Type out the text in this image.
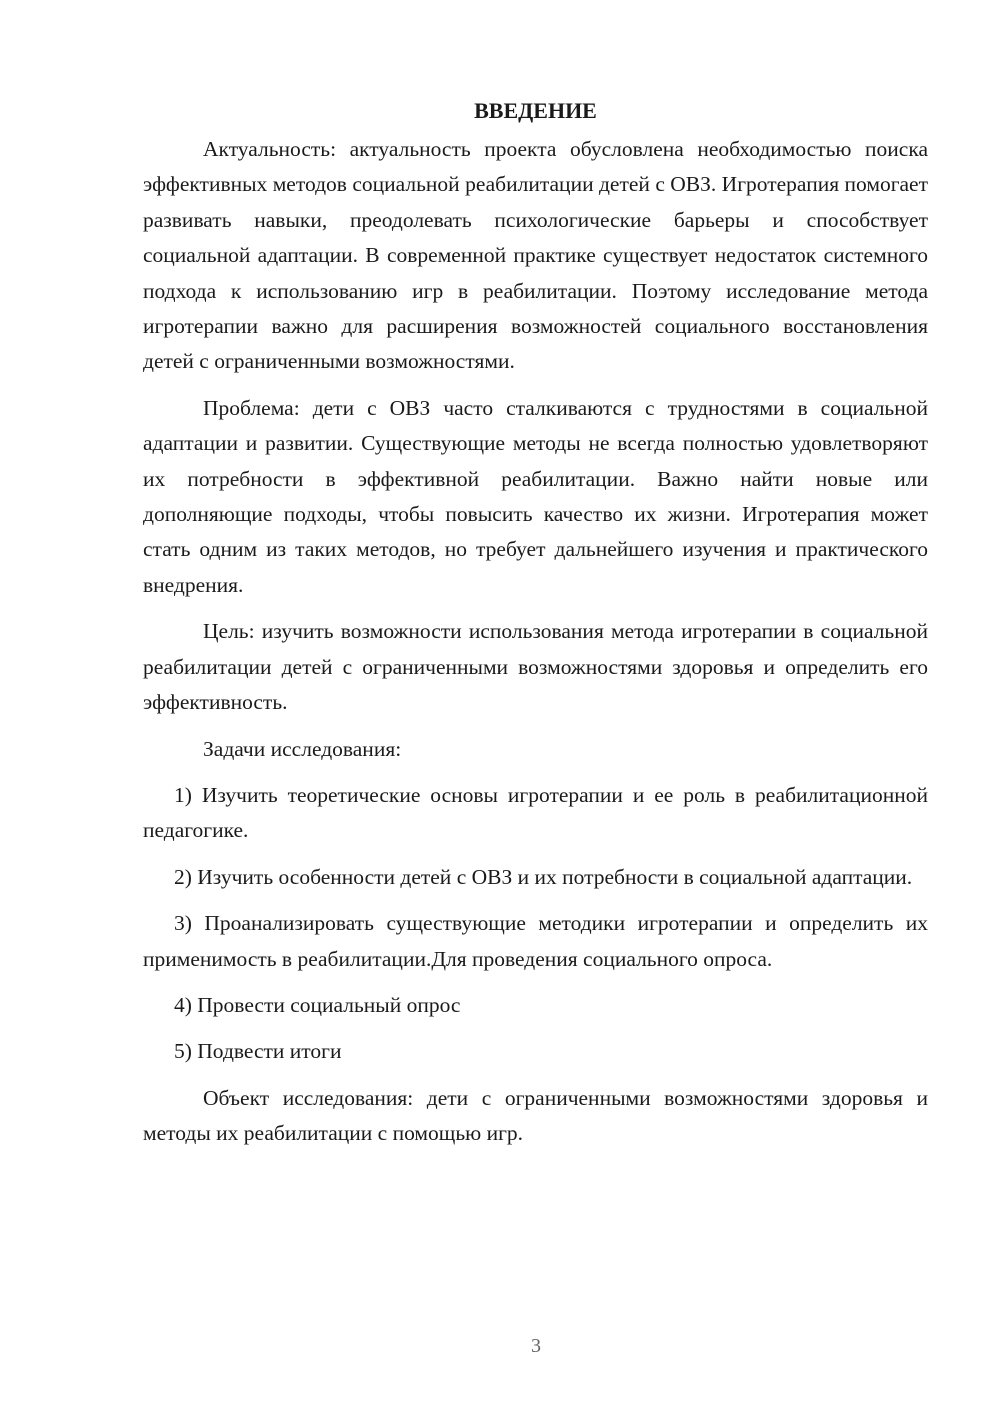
ВВЕДЕНИЕ

Актуальность: актуальность проекта обусловлена необходимостью поиска эффективных методов социальной реабилитации детей с ОВЗ. Игротерапия помогает развивать навыки, преодолевать психологические барьеры и способствует социальной адаптации. В современной практике существует недостаток системного подхода к использованию игр в реабилитации. Поэтому исследование метода игротерапии важно для расширения возможностей социального восстановления детей с ограниченными возможностями.

Проблема: дети с ОВЗ часто сталкиваются с трудностями в социальной адаптации и развитии. Существующие методы не всегда полностью удовлетворяют их потребности в эффективной реабилитации. Важно найти новые или дополняющие подходы, чтобы повысить качество их жизни. Игротерапия может стать одним из таких методов, но требует дальнейшего изучения и практического внедрения.

Цель: изучить возможности использования метода игротерапии в социальной реабилитации детей с ограниченными возможностями здоровья и определить его эффективность.

Задачи исследования:

1) Изучить теоретические основы игротерапии и ее роль в реабилитационной педагогике.

2) Изучить особенности детей с ОВЗ и их потребности в социальной адаптации.

3) Проанализировать существующие методики игротерапии и определить их применимость в реабилитации.Для проведения социального опроса.

4) Провести социальный опрос

5) Подвести итоги

Объект исследования: дети с ограниченными возможностями здоровья и методы их реабилитации с помощью игр.

3
